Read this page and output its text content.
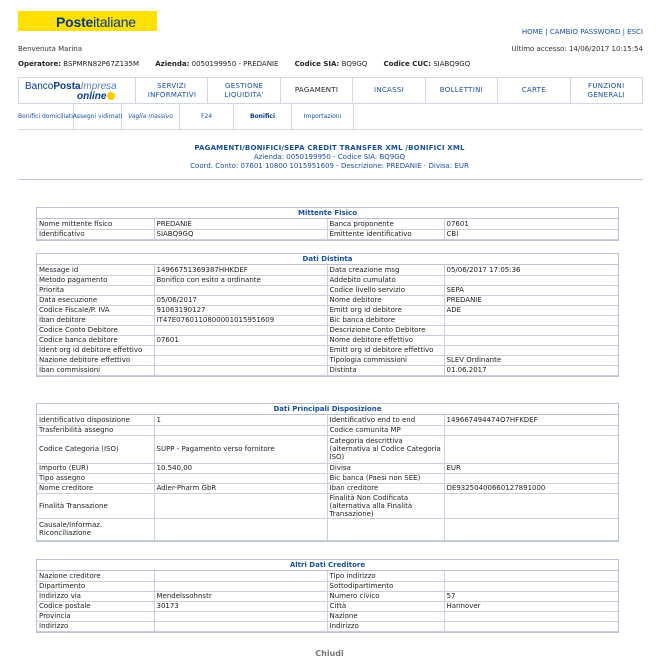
Posteitaliane
HOME | CAMBIO PASSWORD | ESCI
Benvenuta Marina	Ultimo accesso: 14/06/2017 10:15:54
Operatore: BSPMRN82P67Z135M Azienda: 0050199950 - PREDANIE Codice SIA: BQ9GQ Codice CUC: SIABQ9GQ
BancoPostaImpresa
online
SERVIZI INFORMATIVI
GESTIONE LIQUIDITA'
PAGAMENTI	INCASSI	BOLLETTINI	CARTE
FUNZIONI GENERALI
Bonifici domiciliati Assegni vidimati Vaglia massivo	F24	Bonifici	Importazioni
PAGAMENTI/BONIFICI/SEPA CREDIT TRANSFER XML /BONIFICI XML
Azienda: 0050199950 - Codice SIA: BQ9GQ
Coord. Conto: 07601 10800 1015951609 - Descrizione: PREDANIE - Divisa: EUR
Mittente Fisico
Nome mittente fisico	PREDANIE	Banca proponente	07601
Identificativo	SIABQ9GQ	Emittente identificativo	CBI
Dati Distinta
Message id	14966751369387HHKDEF	Data creazione msg	05/06/2017 17:05:36
Metodo pagamento	Bonifico con esito a ordinante	Addebito cumulato	
Priorita		Codice livello servizio	SEPA
Data esecuzione	05/06/2017	Nome debitore	PREDANIE
Codice Fiscale/P. IVA	91063190127	Emitt org id debitore	ADE
Iban debitore	IT47E0760110800001015951609	Bic banca debitore	
Codice Conto Debitore		Descrizione Conto Debitore	
Codice banca debitore	07601	Nome debitore effettivo	
Ident org id debitore effettivo		Emitt org id debitore effettivo	
Nazione debitore effettivo		Tipologia commissioni	SLEV Ordinante
Iban commissioni		Distinta	01.06.2017
Dati Principali Disposizione
Identificativo disposizione	1	Identificativo end to end	149667494474O7HFKDEF
Trasferibilità assegno		Codice comunita MP	
Codice Categoria (ISO)	SUPP - Pagamento verso fornitore	Categoria descrittiva (alternativa al Codice Categoria ISO)	
Importo (EUR)	10.540,00	Divisa	EUR
Tipo assegno		Bic banca (Paesi non SEE)	
Nome creditore	Adler-Pharm GbR	Iban creditore	DE93250400660127891000
Finalità Transazione		Finalità Non Codificata (alternativa alla Finalità Transazione)	
Causale/Informaz. Riconciliazione			
Altri Dati Creditore
Nazione creditore		Tipo indirizzo	
Dipartimento		Sottodipartimento	
Indirizzo via	Mendelssohnstr	Numero civico	57
Codice postale	30173	Città	Hannover
Provincia		Nazione	
Indirizzo		Indirizzo	
Chiudi
